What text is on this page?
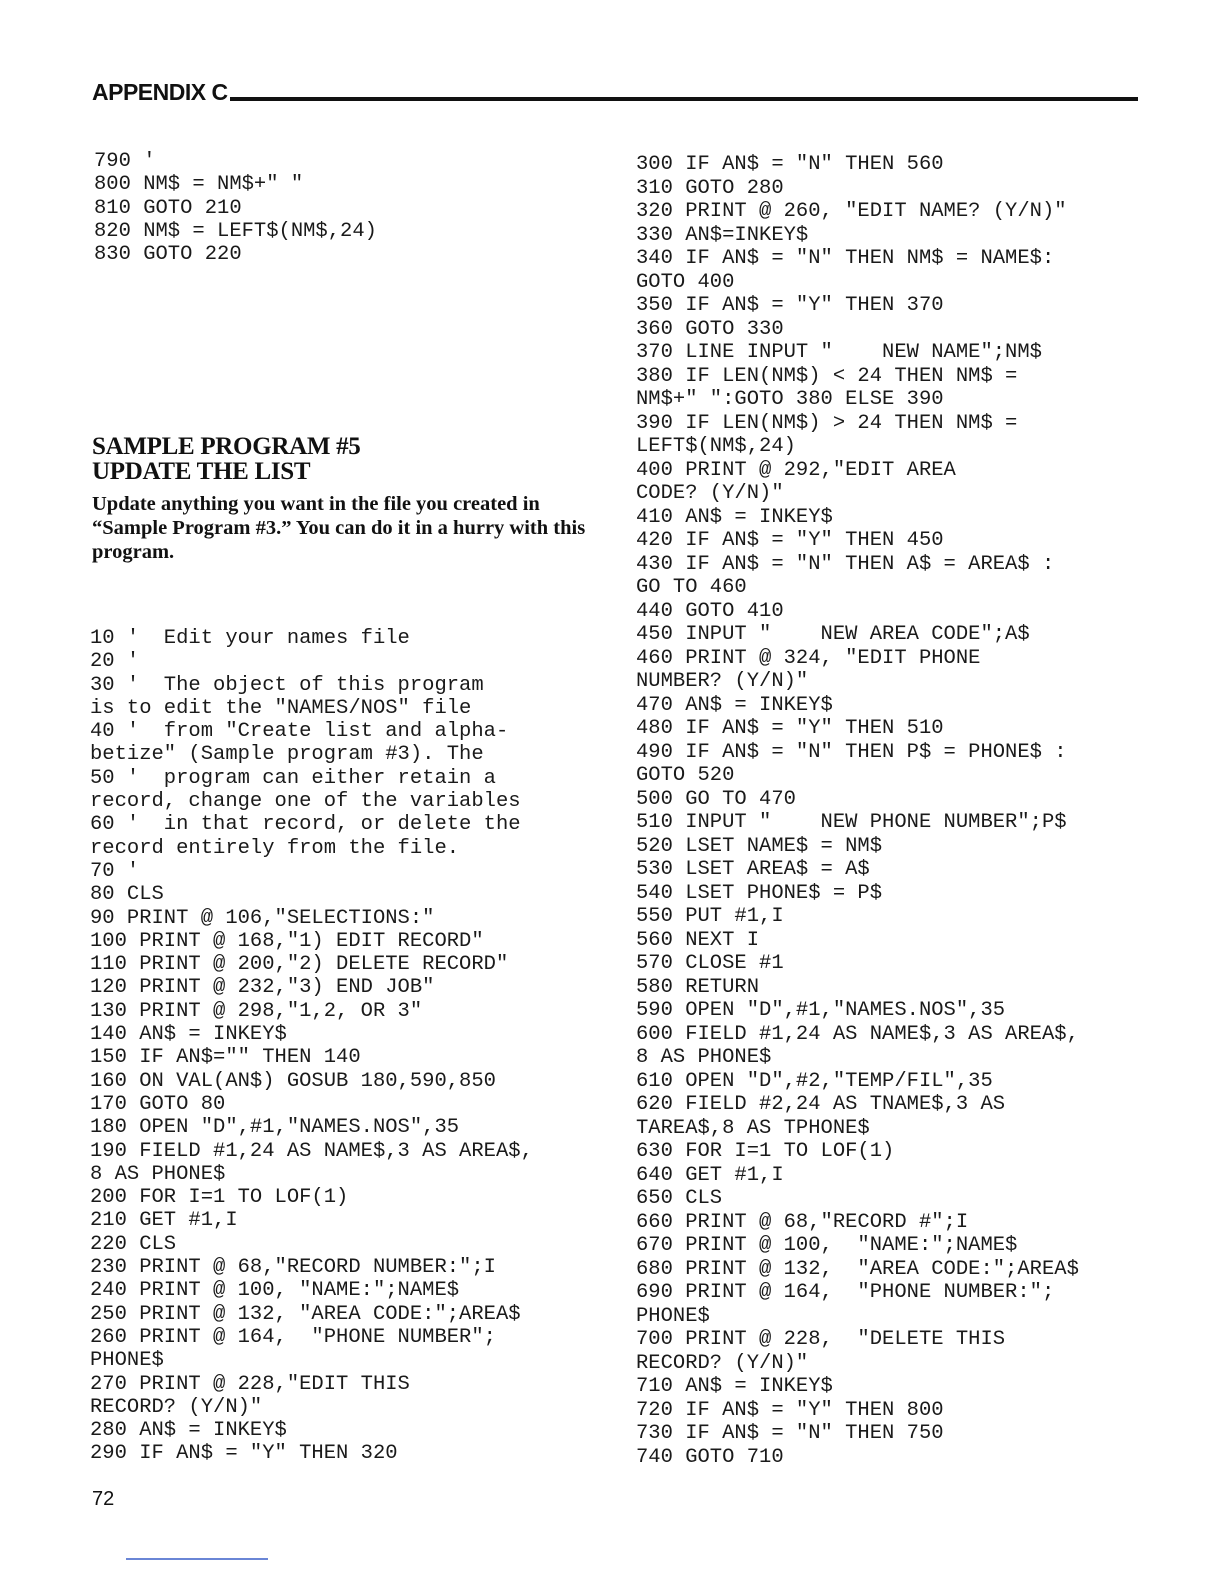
APPENDIX C
790 '
800 NM$ = NM$+" "
810 GOTO 210
820 NM$ = LEFT$(NM$,24)
830 GOTO 220
SAMPLE PROGRAM #5
UPDATE THE LIST

Update anything you want in the file you created in “Sample Program #3.” You can do it in a hurry with this program.

10 '  Edit your names file
20 '
30 '  The object of this program
is to edit the "NAMES/NOS" file
40 '  from "Create list and alpha-
betize" (Sample program #3). The
50 '  program can either retain a
record, change one of the variables
60 '  in that record, or delete the
record entirely from the file.
70 '
80 CLS
90 PRINT @ 106,"SELECTIONS:"
100 PRINT @ 168,"1) EDIT RECORD"
110 PRINT @ 200,"2) DELETE RECORD"
120 PRINT @ 232,"3) END JOB"
130 PRINT @ 298,"1,2, OR 3"
140 AN$ = INKEY$
150 IF AN$="" THEN 140
160 ON VAL(AN$) GOSUB 180,590,850
170 GOTO 80
180 OPEN "D",#1,"NAMES.NOS",35
190 FIELD #1,24 AS NAME$,3 AS AREA$,
8 AS PHONE$
200 FOR I=1 TO LOF(1)
210 GET #1,I
220 CLS
230 PRINT @ 68,"RECORD NUMBER:";I
240 PRINT @ 100, "NAME:";NAME$
250 PRINT @ 132, "AREA CODE:";AREA$
260 PRINT @ 164,  "PHONE NUMBER";
PHONE$
270 PRINT @ 228,"EDIT THIS
RECORD? (Y/N)"
280 AN$ = INKEY$
290 IF AN$ = "Y" THEN 320
300 IF AN$ = "N" THEN 560
310 GOTO 280
320 PRINT @ 260, "EDIT NAME? (Y/N)"
330 AN$=INKEY$
340 IF AN$ = "N" THEN NM$ = NAME$:
GOTO 400
350 IF AN$ = "Y" THEN 370
360 GOTO 330
370 LINE INPUT "    NEW NAME";NM$
380 IF LEN(NM$) < 24 THEN NM$ =
NM$+" ":GOTO 380 ELSE 390
390 IF LEN(NM$) > 24 THEN NM$ =
LEFT$(NM$,24)
400 PRINT @ 292,"EDIT AREA
CODE? (Y/N)"
410 AN$ = INKEY$
420 IF AN$ = "Y" THEN 450
430 IF AN$ = "N" THEN A$ = AREA$ :
GO TO 460
440 GOTO 410
450 INPUT "    NEW AREA CODE";A$
460 PRINT @ 324, "EDIT PHONE
NUMBER? (Y/N)"
470 AN$ = INKEY$
480 IF AN$ = "Y" THEN 510
490 IF AN$ = "N" THEN P$ = PHONE$ :
GOTO 520
500 GO TO 470
510 INPUT "    NEW PHONE NUMBER";P$
520 LSET NAME$ = NM$
530 LSET AREA$ = A$
540 LSET PHONE$ = P$
550 PUT #1,I
560 NEXT I
570 CLOSE #1
580 RETURN
590 OPEN "D",#1,"NAMES.NOS",35
600 FIELD #1,24 AS NAME$,3 AS AREA$,
8 AS PHONE$
610 OPEN "D",#2,"TEMP/FIL",35
620 FIELD #2,24 AS TNAME$,3 AS
TAREA$,8 AS TPHONE$
630 FOR I=1 TO LOF(1)
640 GET #1,I
650 CLS
660 PRINT @ 68,"RECORD #";I
670 PRINT @ 100,  "NAME:";NAME$
680 PRINT @ 132,  "AREA CODE:";AREA$
690 PRINT @ 164,  "PHONE NUMBER:";
PHONE$
700 PRINT @ 228,  "DELETE THIS
RECORD? (Y/N)"
710 AN$ = INKEY$
720 IF AN$ = "Y" THEN 800
730 IF AN$ = "N" THEN 750
740 GOTO 710
72
